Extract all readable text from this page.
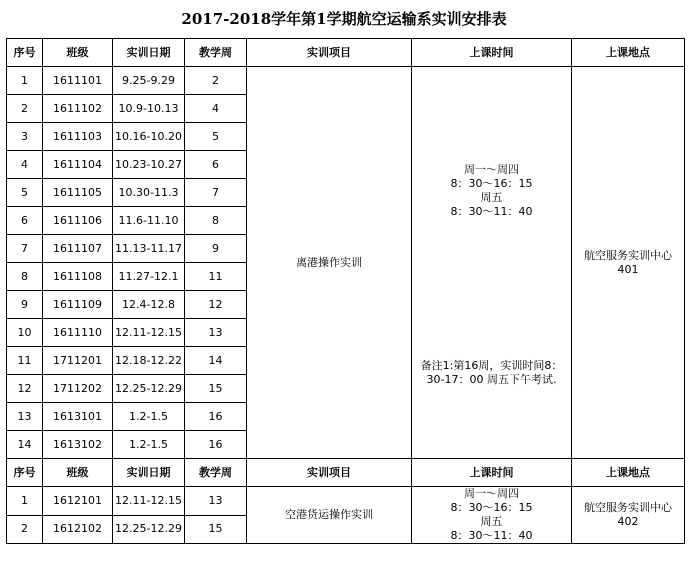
2017-2018学年第1学期航空运输系实训安排表
序号	班级	实训日期	教学周	实训项目	上课时间	上课地点
1	1611101	9.25-9.29	2	离港操作实训	周一～周四
8：30～16：15
周五
8：30～11：40
备注1:第16周，实训时间8：30-17：00 周五下午考试.	航空服务实训中心
401

2	1611102	10.9-10.13	4			
3	1611103	10.16-10.20	5			
4	1611104	10.23-10.27	6			
5	1611105	10.30-11.3	7			
6	1611106	11.6-11.10	8			
7	1611107	11.13-11.17	9			
8	1611108	11.27-12.1	11			
9	1611109	12.4-12.8	12			
10	1611110	12.11-12.15	13			
11	1711201	12.18-12.22	14			
12	1711202	12.25-12.29	15			
13	1613101	1.2-1.5	16			
14	1613102	1.2-1.5	16			
序号	班级	实训日期	教学周	实训项目	上课时间	上课地点
1	1612101	12.11-12.15	13	空港货运操作实训	周一～周四
8：30～16：15
周五
8：30～11：40	航空服务实训中心
402

2	1612102	12.25-12.29	15			
